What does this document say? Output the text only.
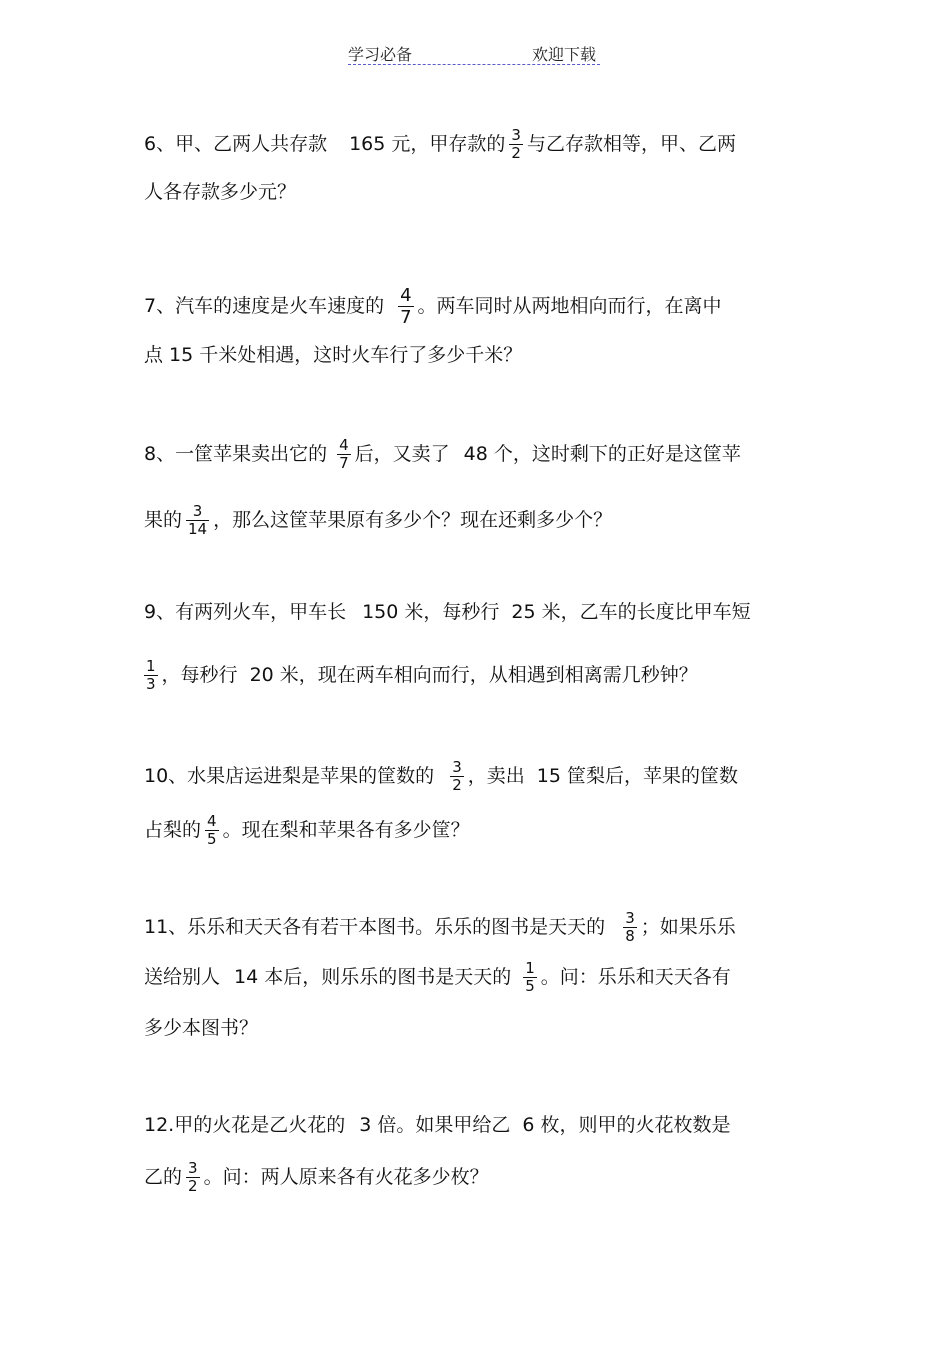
学习必备	欢迎下载
6、甲、乙两人共存款 165 元，甲存款的 $\frac{3}{2}$ 与乙存款相等，甲、乙两
人各存款多少元？
7、汽车的速度是火车速度的 $\frac{4}{7}$ 。两车同时从两地相向而行，在离中
点 15 千米处相遇，这时火车行了多少千米？
8、一筐苹果卖出它的 $\frac{4}{7}$ 后，又卖了 48 个，这时剩下的正好是这筐苹
果的 $\frac{3}{14}$ ，那么这筐苹果原有多少个？现在还剩多少个？
9、有两列火车，甲车长 150 米，每秒行 25 米，乙车的长度比甲车短
$\frac{1}{3}$ ，每秒行 20 米，现在两车相向而行，从相遇到相离需几秒钟？
10、水果店运进梨是苹果的筐数的 $\frac{3}{2}$ ，卖出 15 筐梨后，苹果的筐数
占梨的 $\frac{4}{5}$ 。现在梨和苹果各有多少筐？
11、乐乐和天天各有若干本图书。乐乐的图书是天天的 $\frac{3}{8}$ ；如果乐乐
送给别人 14 本后，则乐乐的图书是天天的 $\frac{1}{5}$ 。问：乐乐和天天各有
多少本图书？
12.甲的火花是乙火花的 3 倍。如果甲给乙 6 枚，则甲的火花枚数是
乙的 $\frac{3}{2}$ 。问：两人原来各有火花多少枚？
